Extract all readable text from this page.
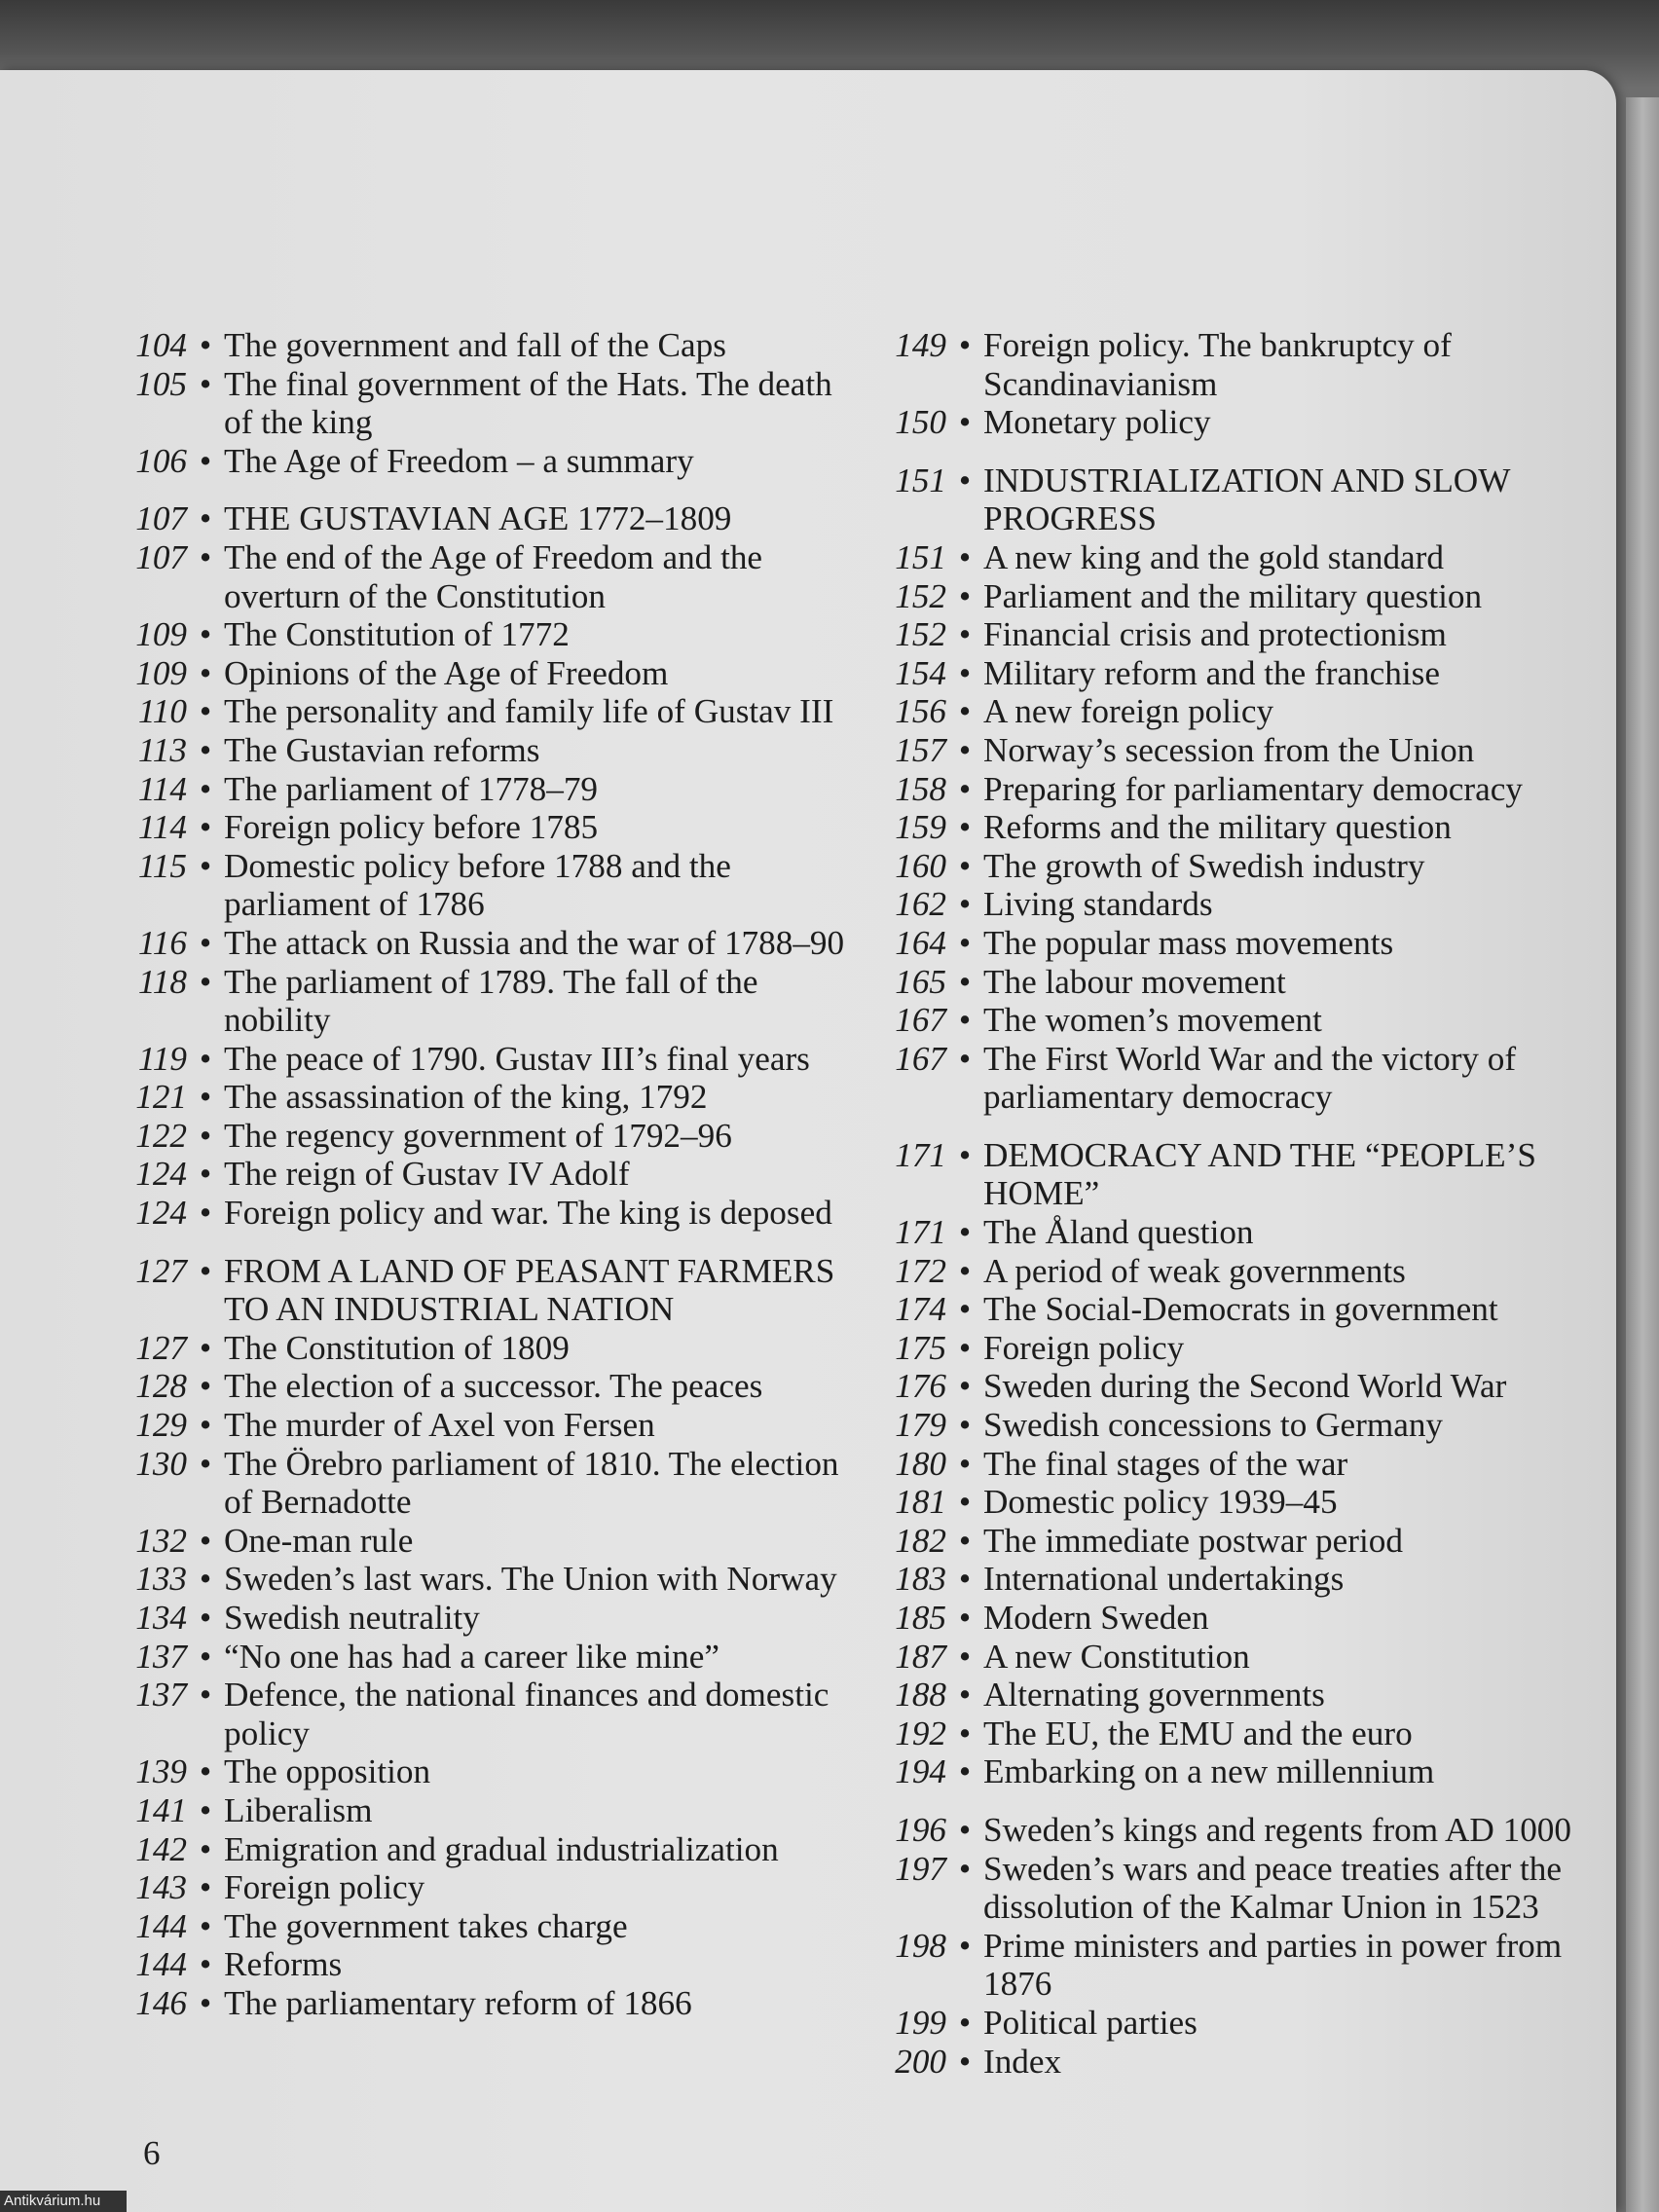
104 • The government and fall of the Caps
105 • The final government of the Hats. The death of the king
106 • The Age of Freedom – a summary
107 • THE GUSTAVIAN AGE 1772–1809
107 • The end of the Age of Freedom and the overturn of the Constitution
109 • The Constitution of 1772
109 • Opinions of the Age of Freedom
110 • The personality and family life of Gustav III
113 • The Gustavian reforms
114 • The parliament of 1778–79
114 • Foreign policy before 1785
115 • Domestic policy before 1788 and the parliament of 1786
116 • The attack on Russia and the war of 1788–90
118 • The parliament of 1789. The fall of the nobility
119 • The peace of 1790. Gustav III’s final years
121 • The assassination of the king, 1792
122 • The regency government of 1792–96
124 • The reign of Gustav IV Adolf
124 • Foreign policy and war. The king is deposed
127 • FROM A LAND OF PEASANT FARMERS TO AN INDUSTRIAL NATION
127 • The Constitution of 1809
128 • The election of a successor. The peaces
129 • The murder of Axel von Fersen
130 • The Örebro parliament of 1810. The election of Bernadotte
132 • One-man rule
133 • Sweden’s last wars. The Union with Norway
134 • Swedish neutrality
137 • “No one has had a career like mine”
137 • Defence, the national finances and domestic policy
139 • The opposition
141 • Liberalism
142 • Emigration and gradual industrialization
143 • Foreign policy
144 • The government takes charge
144 • Reforms
146 • The parliamentary reform of 1866
149 • Foreign policy. The bankruptcy of Scandinavianism
150 • Monetary policy
151 • INDUSTRIALIZATION AND SLOW PROGRESS
151 • A new king and the gold standard
152 • Parliament and the military question
152 • Financial crisis and protectionism
154 • Military reform and the franchise
156 • A new foreign policy
157 • Norway’s secession from the Union
158 • Preparing for parliamentary democracy
159 • Reforms and the military question
160 • The growth of Swedish industry
162 • Living standards
164 • The popular mass movements
165 • The labour movement
167 • The women’s movement
167 • The First World War and the victory of parliamentary democracy
171 • DEMOCRACY AND THE “PEOPLE’S HOME”
171 • The Åland question
172 • A period of weak governments
174 • The Social-Democrats in government
175 • Foreign policy
176 • Sweden during the Second World War
179 • Swedish concessions to Germany
180 • The final stages of the war
181 • Domestic policy 1939–45
182 • The immediate postwar period
183 • International undertakings
185 • Modern Sweden
187 • A new Constitution
188 • Alternating governments
192 • The EU, the EMU and the euro
194 • Embarking on a new millennium
196 • Sweden’s kings and regents from AD 1000
197 • Sweden’s wars and peace treaties after the dissolution of the Kalmar Union in 1523
198 • Prime ministers and parties in power from 1876
199 • Political parties
200 • Index
6
Antikvárium.hu
